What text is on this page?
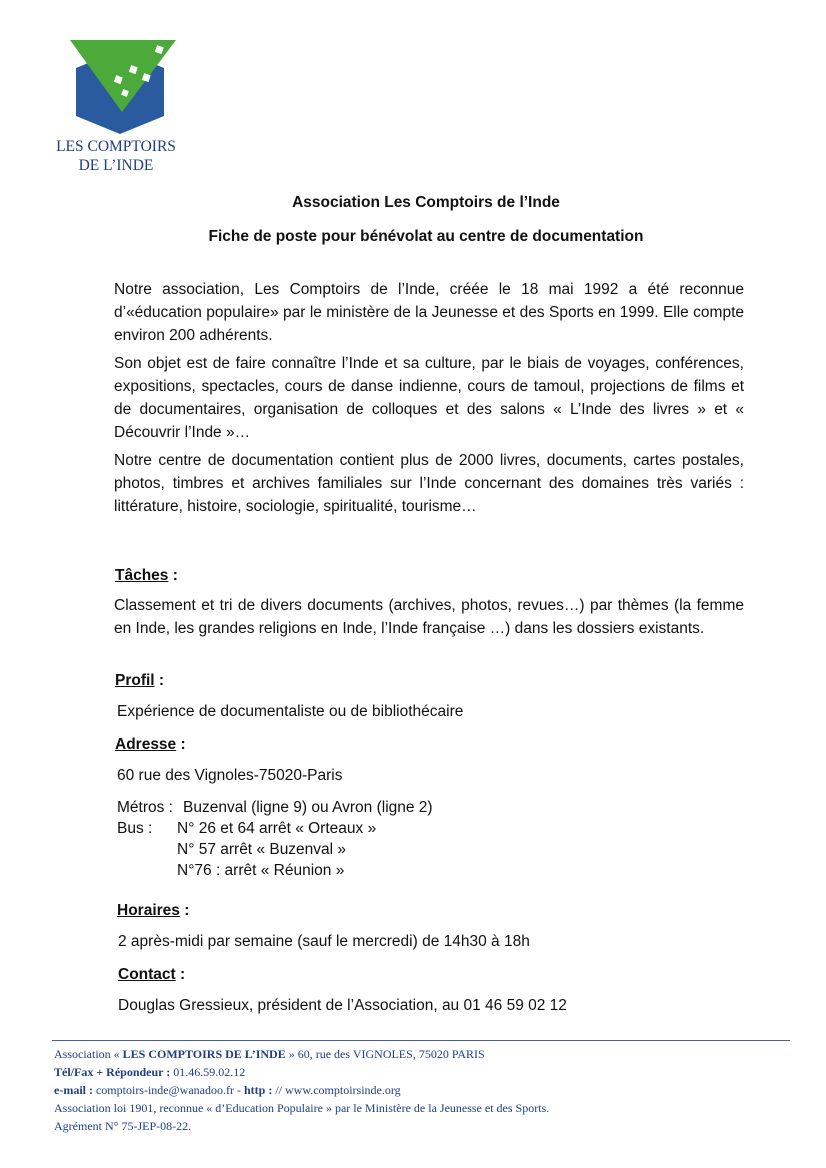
LES COMPTOIRS
DE L’INDE
Association Les Comptoirs de l’Inde
Fiche de poste pour bénévolat au centre de documentation

Notre association, Les Comptoirs de l’Inde, créée le 18 mai 1992 a été reconnue d’«éducation populaire» par le ministère de la Jeunesse et des Sports en 1999. Elle compte environ 200 adhérents.

Son objet est de faire connaître l’Inde et sa culture, par le biais de voyages, conférences, expositions, spectacles, cours de danse indienne, cours de tamoul, projections de films et de documentaires, organisation de colloques et des salons « L’Inde des livres » et « Découvrir l’Inde »…

Notre centre de documentation contient plus de 2000 livres, documents, cartes postales, photos, timbres et archives familiales sur l’Inde concernant des domaines très variés : littérature, histoire, sociologie, spiritualité, tourisme…

Tâches :

Classement et tri de divers documents (archives, photos, revues…) par thèmes (la femme en Inde, les grandes religions en Inde, l’Inde française …) dans les dossiers existants.

Profil :
Expérience de documentaliste ou de bibliothécaire
Adresse :
60 rue des Vignoles-75020-Paris
Métros : Buzenval (ligne 9) ou Avron (ligne 2)
Bus : N° 26 et 64 arrêt « Orteaux »
N° 57 arrêt « Buzenval »
N°76 : arrêt « Réunion »
Horaires :
2 après-midi par semaine (sauf le mercredi) de 14h30 à 18h
Contact :
Douglas Gressieux, président de l’Association, au 01 46 59 02 12
Association « LES COMPTOIRS DE L’INDE » 60, rue des VIGNOLES, 75020 PARIS
Tél/Fax + Répondeur : 01.46.59.02.12
e-mail : comptoirs-inde@wanadoo.fr - http : // www.comptoirsinde.org
Association loi 1901, reconnue « d’Education Populaire » par le Ministère de la Jeunesse et des Sports.
Agrément N° 75-JEP-08-22.
